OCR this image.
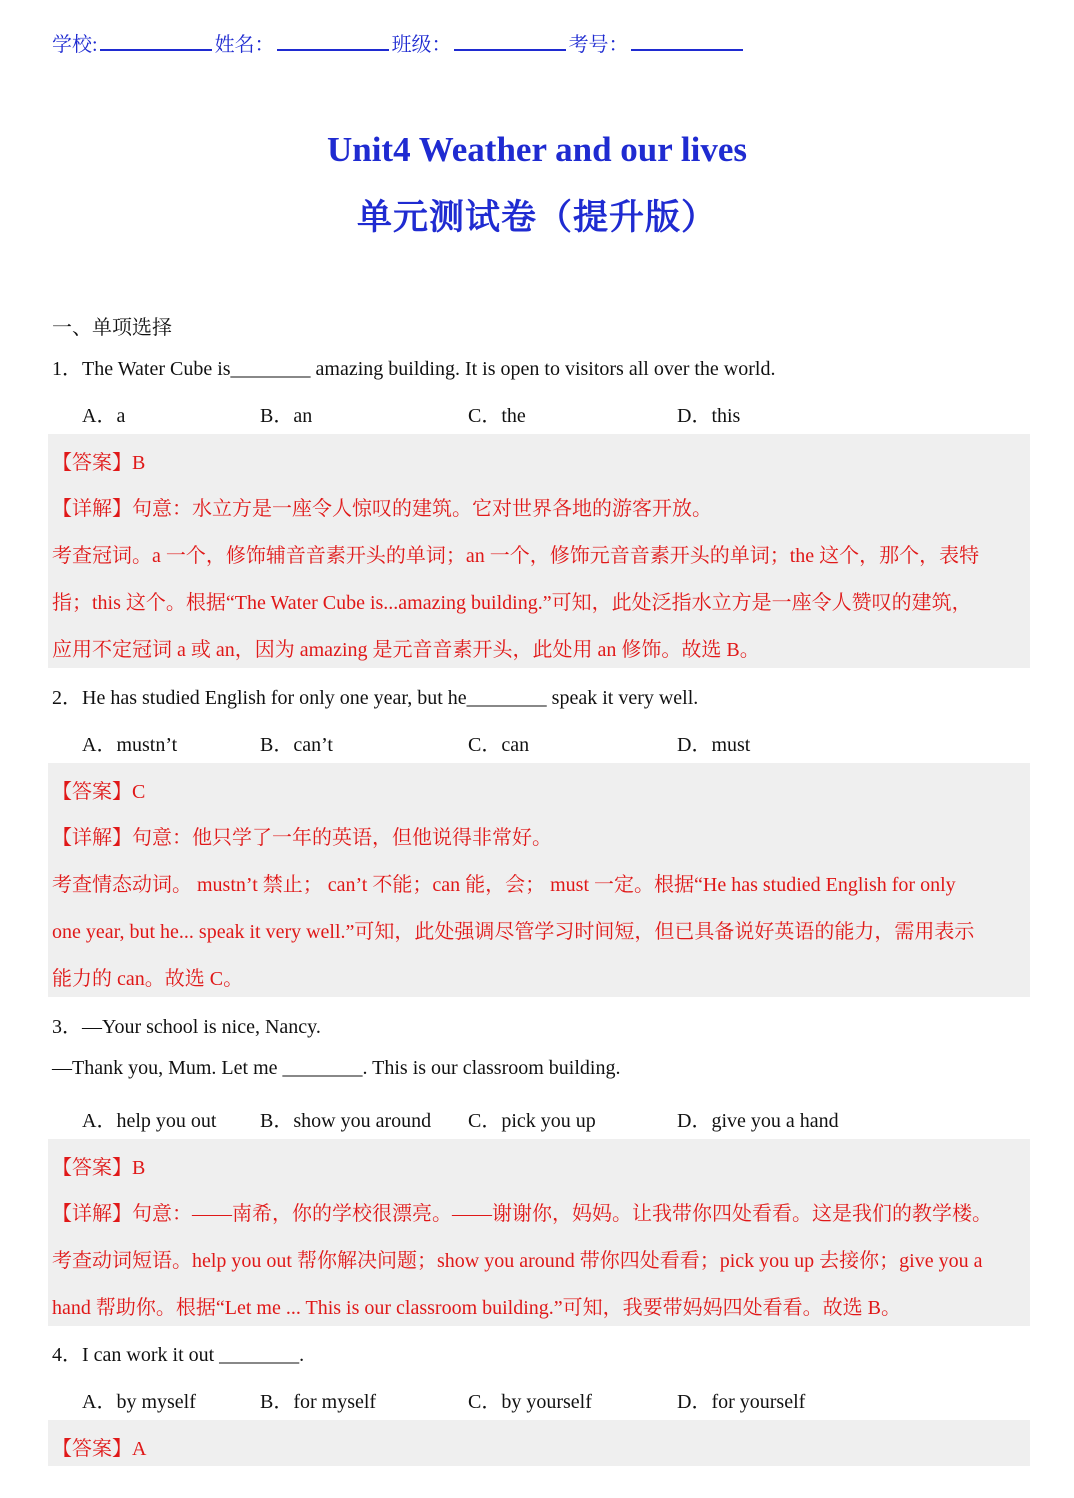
学校:	姓名：	班级：	考号：
Unit4 Weather and our lives
单元测试卷（提升版）
一、单项选择
1．The Water Cube is________ amazing building. It is open to visitors all over the world.
A．a	B．an	C．the	D．this
【答案】B
【详解】句意：水立方是一座令人惊叹的建筑。它对世界各地的游客开放。
考查冠词。a 一个，修饰辅音音素开头的单词；an 一个，修饰元音音素开头的单词；the 这个，那个，表特
指；this 这个。根据“The Water Cube is...amazing building.”可知，此处泛指水立方是一座令人赞叹的建筑，
应用不定冠词 a 或 an，因为 amazing 是元音音素开头，此处用 an 修饰。故选 B。
2．He has studied English for only one year, but he________ speak it very well.
A．mustn’t	B．can’t	C．can	D．must
【答案】C
【详解】句意：他只学了一年的英语，但他说得非常好。
考查情态动词。 mustn’t 禁止； can’t 不能；can 能，会； must 一定。根据“He has studied English for only
one year, but he... speak it very well.”可知，此处强调尽管学习时间短，但已具备说好英语的能力，需用表示
能力的 can。故选 C。
3．—Your school is nice, Nancy.
—Thank you, Mum. Let me ________. This is our classroom building.
A．help you out B．show you around C．pick you up	D．give you a hand
【答案】B
【详解】句意：——南希，你的学校很漂亮。——谢谢你，妈妈。让我带你四处看看。这是我们的教学楼。
考查动词短语。help you out 帮你解决问题；show you around 带你四处看看；pick you up 去接你；give you a
hand 帮助你。根据“Let me ... This is our classroom building.”可知，我要带妈妈四处看看。故选 B。
4．I can work it out ________.
A．by myself	B．for myself	C．by yourself	D．for yourself
【答案】A
